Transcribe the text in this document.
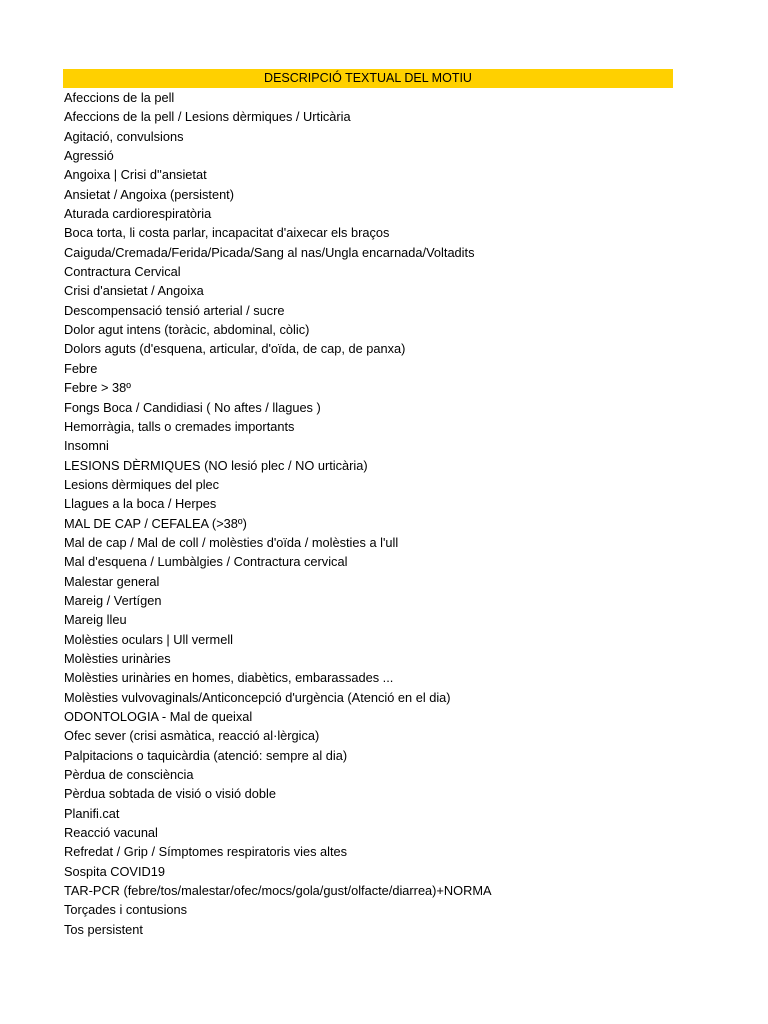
DESCRIPCIÓ TEXTUAL DEL MOTIU
Afeccions de la pell
Afeccions de la pell / Lesions dèrmiques / Urticària
Agitació, convulsions
Agressió
Angoixa | Crisi d''ansietat
Ansietat / Angoixa (persistent)
Aturada cardiorespiratòria
Boca torta, li costa parlar, incapacitat d'aixecar els braços
Caiguda/Cremada/Ferida/Picada/Sang al nas/Ungla encarnada/Voltadits
Contractura Cervical
Crisi d'ansietat / Angoixa
Descompensació tensió arterial / sucre
Dolor agut intens (toràcic, abdominal, còlic)
Dolors aguts (d'esquena, articular, d'oïda, de cap, de panxa)
Febre
Febre > 38º
Fongs Boca / Candidiasi ( No aftes / llagues )
Hemorràgia, talls o cremades importants
Insomni
LESIONS DÈRMIQUES (NO lesió plec / NO urticària)
Lesions dèrmiques del plec
Llagues a la boca / Herpes
MAL DE CAP / CEFALEA (>38º)
Mal de cap / Mal de coll / molèsties d'oïda / molèsties a l'ull
Mal d'esquena / Lumbàlgies / Contractura cervical
Malestar general
Mareig / Vertígen
Mareig lleu
Molèsties oculars | Ull vermell
Molèsties urinàries
Molèsties urinàries en homes, diabètics, embarassades ...
Molèsties vulvovaginals/Anticoncepció d'urgència (Atenció en el dia)
ODONTOLOGIA - Mal de queixal
Ofec sever (crisi asmàtica, reacció al·lèrgica)
Palpitacions o taquicàrdia (atenció: sempre al dia)
Pèrdua de consciència
Pèrdua sobtada de visió o visió doble
Planifi.cat
Reacció vacunal
Refredat / Grip / Símptomes respiratoris vies altes
Sospita COVID19
TAR-PCR (febre/tos/malestar/ofec/mocs/gola/gust/olfacte/diarrea)+NORMA
Torçades i contusions
Tos persistent
